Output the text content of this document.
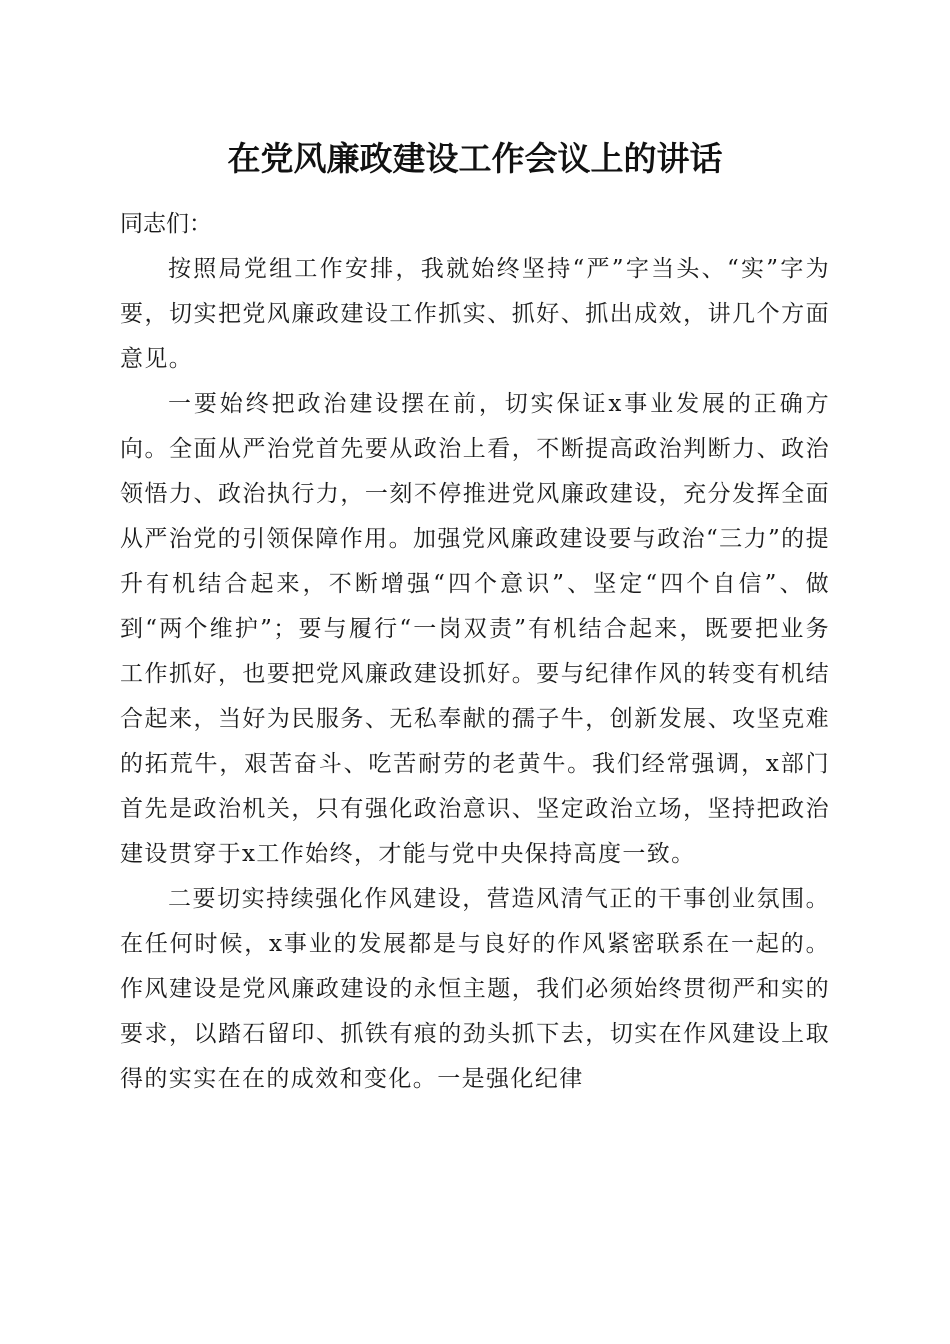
在党风廉政建设工作会议上的讲话

同志们：

按照局党组工作安排，我就始终坚持“严”字当头、“实”字为要，切实把党风廉政建设工作抓实、抓好、抓出成效，讲几个方面意见。

一要始终把政治建设摆在前，切实保证x事业发展的正确方向。全面从严治党首先要从政治上看，不断提高政治判断力、政治领悟力、政治执行力，一刻不停推进党风廉政建设，充分发挥全面从严治党的引领保障作用。加强党风廉政建设要与政治“三力”的提升有机结合起来，不断增强“四个意识”、坚定“四个自信”、做到“两个维护”；要与履行“一岗双责”有机结合起来，既要把业务工作抓好，也要把党风廉政建设抓好。要与纪律作风的转变有机结合起来，当好为民服务、无私奉献的孺子牛，创新发展、攻坚克难的拓荒牛，艰苦奋斗、吃苦耐劳的老黄牛。我们经常强调，x部门首先是政治机关，只有强化政治意识、坚定政治立场，坚持把政治建设贯穿于x工作始终，才能与党中央保持高度一致。

二要切实持续强化作风建设，营造风清气正的干事创业氛围。在任何时候，x事业的发展都是与良好的作风紧密联系在一起的。作风建设是党风廉政建设的永恒主题，我们必须始终贯彻严和实的要求，以踏石留印、抓铁有痕的劲头抓下去，切实在作风建设上取得的实实在在的成效和变化。一是强化纪律
